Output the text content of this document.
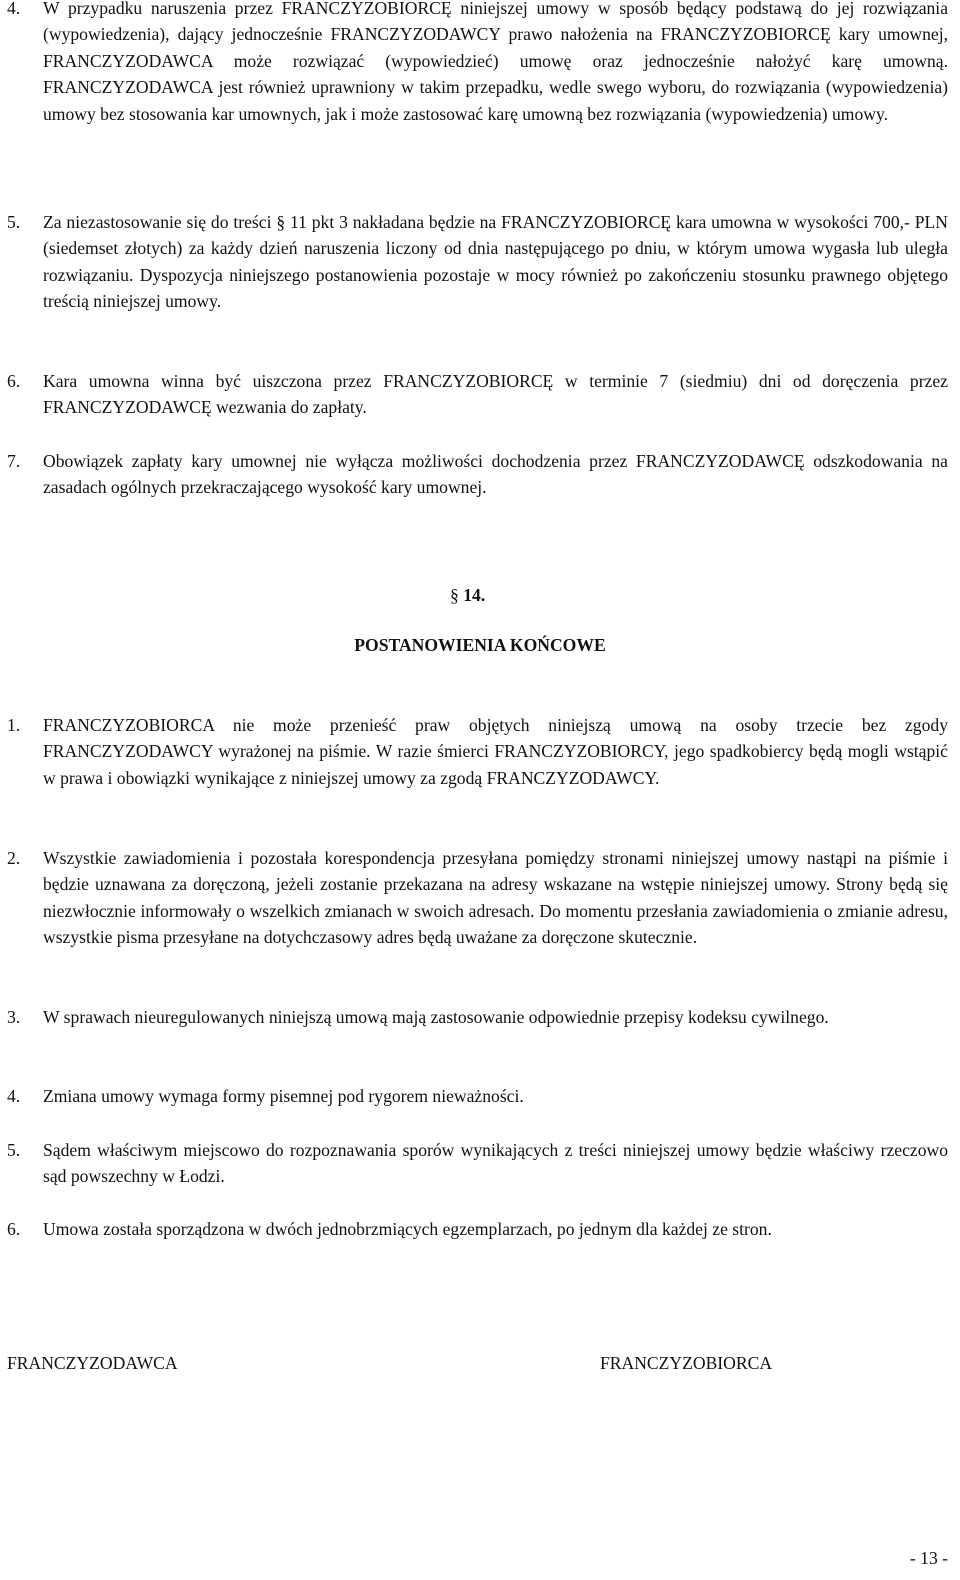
4.	W przypadku naruszenia przez FRANCZYZOBIORCĘ niniejszej umowy w sposób będący podstawą do jej rozwiązania (wypowiedzenia), dający jednocześnie FRANCZYZODAWCY prawo nałożenia na FRANCZYZOBIORCĘ kary umownej, FRANCZYZODAWCA może rozwiązać (wypowiedzieć) umowę oraz jednocześnie nałożyć karę umowną. FRANCZYZODAWCA jest również uprawniony w takim przepadku, wedle swego wyboru, do rozwiązania (wypowiedzenia) umowy bez stosowania kar umownych, jak i może zastosować karę umowną bez rozwiązania (wypowiedzenia) umowy.
5.	Za niezastosowanie się do treści § 11 pkt 3 nakładana będzie na FRANCZYZOBIORCĘ kara umowna w wysokości 700,- PLN (siedemset złotych) za każdy dzień naruszenia liczony od dnia następującego po dniu, w którym umowa wygasła lub uległa rozwiązaniu. Dyspozycja niniejszego postanowienia pozostaje w mocy również po zakończeniu stosunku prawnego objętego treścią niniejszej umowy.
6.	Kara umowna winna być uiszczona przez FRANCZYZOBIORCĘ w terminie 7 (siedmiu) dni od doręczenia przez FRANCZYZODAWCĘ wezwania do zapłaty.
7.	Obowiązek zapłaty kary umownej nie wyłącza możliwości dochodzenia przez FRANCZYZODAWCĘ odszkodowania na zasadach ogólnych przekraczającego wysokość kary umownej.
§ 14.
POSTANOWIENIA KOŃCOWE
1.	FRANCZYZOBIORCA nie może przenieść praw objętych niniejszą umową na osoby trzecie bez zgody FRANCZYZODAWCY wyrażonej na piśmie. W razie śmierci FRANCZYZOBIORCY, jego spadkobiercy będą mogli wstąpić w prawa i obowiązki wynikające z niniejszej umowy za zgodą FRANCZYZODAWCY.
2.	Wszystkie zawiadomienia i pozostała korespondencja przesyłana pomiędzy stronami niniejszej umowy nastąpi na piśmie i będzie uznawana za doręczoną, jeżeli zostanie przekazana na adresy wskazane na wstępie niniejszej umowy. Strony będą się niezwłocznie informowały o wszelkich zmianach w swoich adresach. Do momentu przesłania zawiadomienia o zmianie adresu, wszystkie pisma przesyłane na dotychczasowy adres będą uważane za doręczone skutecznie.
3.	W sprawach nieuregulowanych niniejszą umową mają zastosowanie odpowiednie przepisy kodeksu cywilnego.
4.	Zmiana umowy wymaga formy pisemnej pod rygorem nieważności.
5.	Sądem właściwym miejscowo do rozpoznawania sporów wynikających z treści niniejszej umowy będzie właściwy rzeczowo sąd powszechny w Łodzi.
6.	Umowa została sporządzona w dwóch jednobrzmiących egzemplarzach, po jednym dla każdej ze stron.
FRANCZYZODAWCA	FRANCZYZOBIORCA
- 13 -
